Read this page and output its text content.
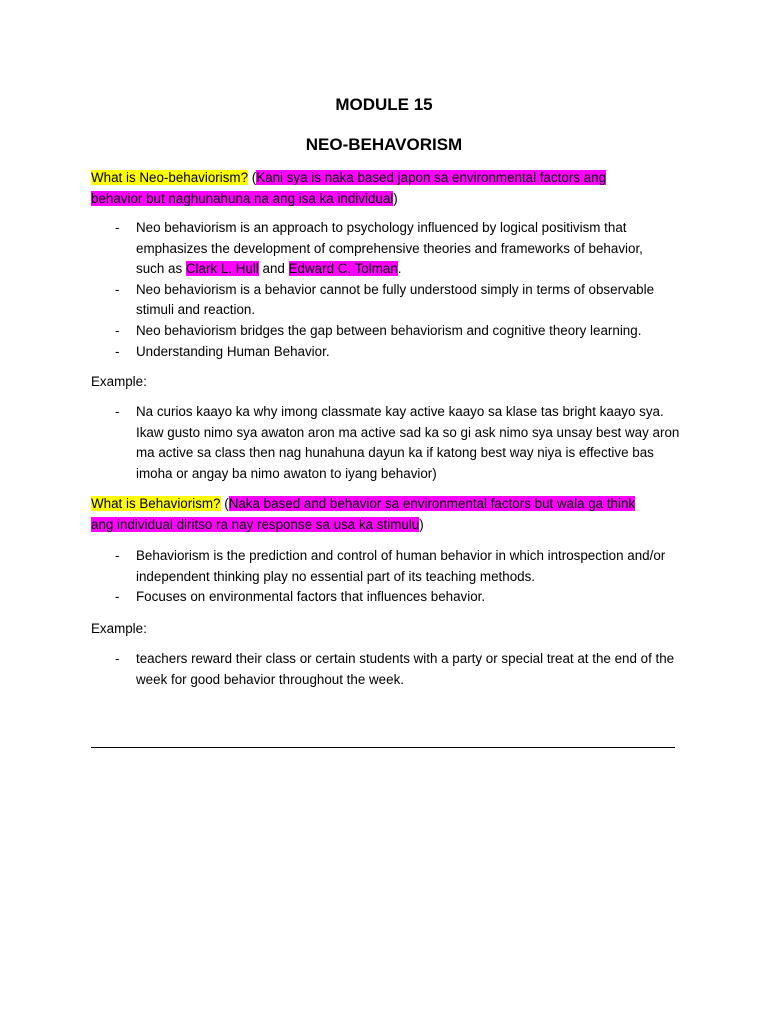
MODULE 15
NEO-BEHAVORISM

What is Neo-behaviorism? (Kani sya is naka based japon sa environmental factors ang
behavior but naghunahuna na ang isa ka individual)

- Neo behaviorism is an approach to psychology influenced by logical positivism that
emphasizes the development of comprehensive theories and frameworks of behavior,
such as Clark L. Hull and Edward C. Tolman.
- Neo behaviorism is a behavior cannot be fully understood simply in terms of observable stimuli and reaction.
- Neo behaviorism bridges the gap between behaviorism and cognitive theory learning.
- Understanding Human Behavior.

Example:

- Na curios kaayo ka why imong classmate kay active kaayo sa klase tas bright kaayo sya. Ikaw gusto nimo sya awaton aron ma active sad ka so gi ask nimo sya unsay best way aron ma active sa class then nag hunahuna dayun ka if katong best way niya is effective bas imoha or angay ba nimo awaton to iyang behavior)

What is Behaviorism? (Naka based and behavior sa environmental factors but wala ga think
ang individual diritso ra nay response sa usa ka stimulu)

- Behaviorism is the prediction and control of human behavior in which introspection and/or independent thinking play no essential part of its teaching methods.
- Focuses on environmental factors that influences behavior.

Example:

- teachers reward their class or certain students with a party or special treat at the end of the week for good behavior throughout the week.
